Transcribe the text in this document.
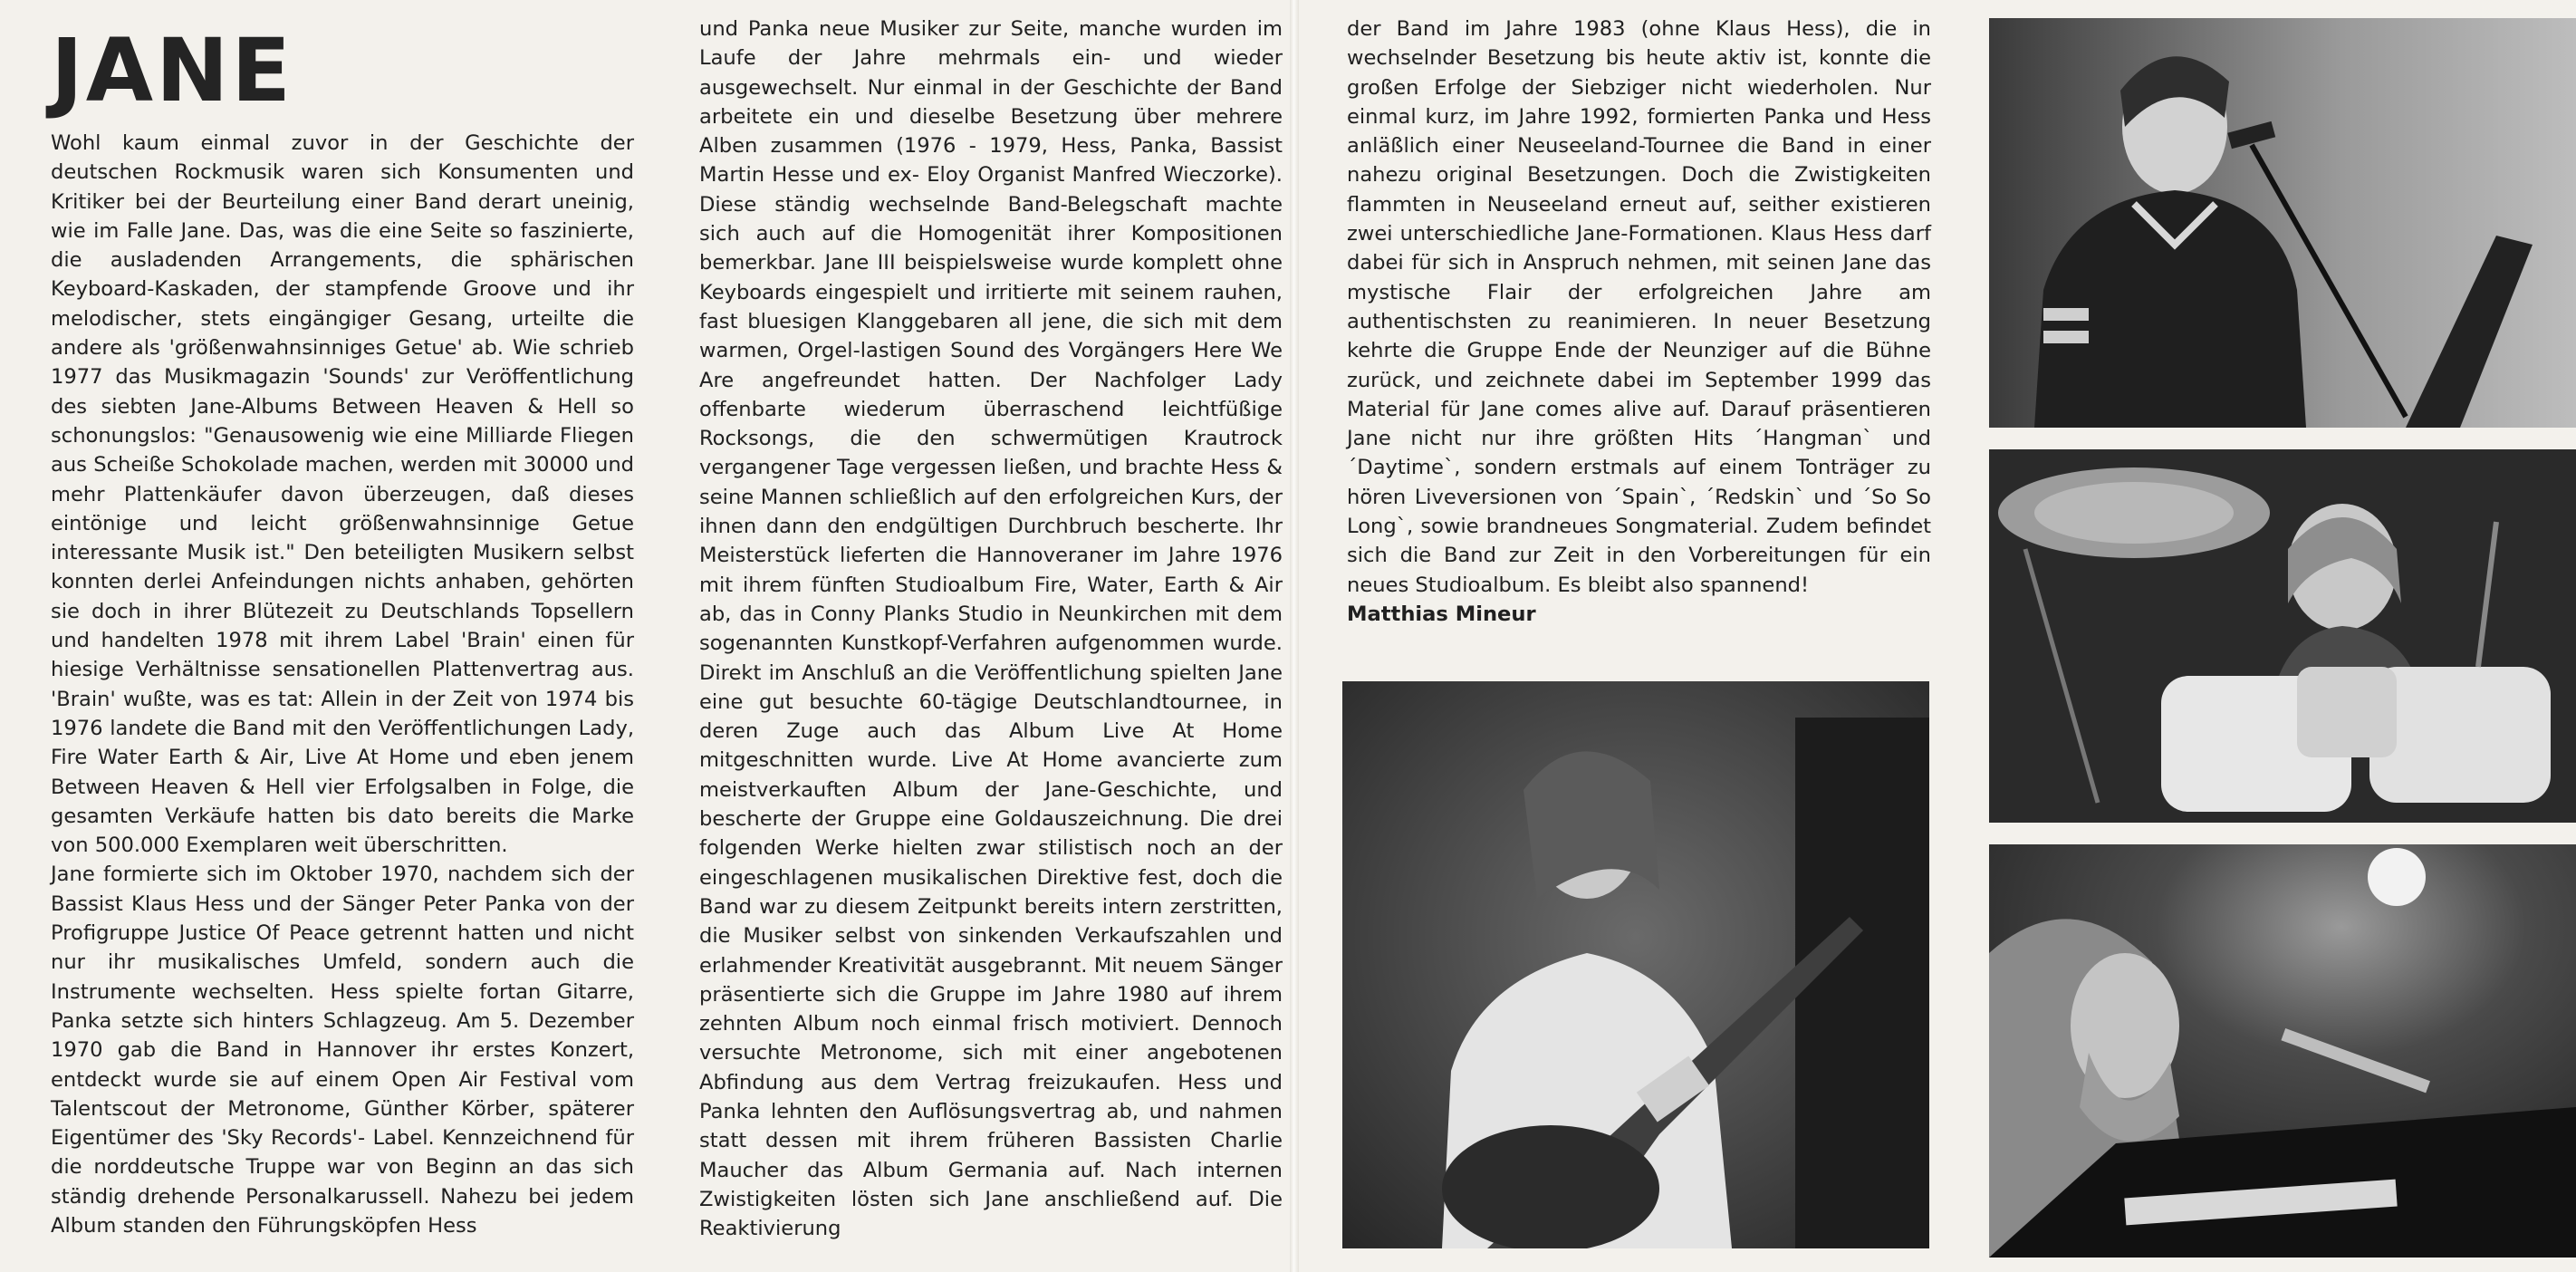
JANE

Wohl kaum einmal zuvor in der Geschichte der deutschen Rockmusik waren sich Konsumenten und Kritiker bei der Beurteilung einer Band derart uneinig, wie im Falle Jane. Das, was die eine Seite so faszinierte, die ausladenden Arrangements, die sphärischen Keyboard-Kaskaden, der stampfende Groove und ihr melodischer, stets eingängiger Gesang, urteilte die andere als 'größenwahnsinniges Getue' ab. Wie schrieb 1977 das Musikmagazin 'Sounds' zur Veröffentlichung des siebten Jane-Albums Between Heaven & Hell so schonungslos: "Genausowenig wie eine Milliarde Fliegen aus Scheiße Schokolade machen, werden mit 30000 und mehr Plattenkäufer davon überzeugen, daß dieses eintönige und leicht größenwahnsinnige Getue interessante Musik ist." Den beteiligten Musikern selbst konnten derlei Anfeindungen nichts anhaben, gehörten sie doch in ihrer Blütezeit zu Deutschlands Topsellern und handelten 1978 mit ihrem Label 'Brain' einen für hiesige Verhältnisse sensationellen Plattenvertrag aus. 'Brain' wußte, was es tat: Allein in der Zeit von 1974 bis 1976 landete die Band mit den Veröffentlichungen Lady, Fire Water Earth & Air, Live At Home und eben jenem Between Heaven & Hell vier Erfolgsalben in Folge, die gesamten Verkäufe hatten bis dato bereits die Marke von 500.000 Exemplaren weit überschritten.

Jane formierte sich im Oktober 1970, nachdem sich der Bassist Klaus Hess und der Sänger Peter Panka von der Profigruppe Justice Of Peace getrennt hatten und nicht nur ihr musikalisches Umfeld, sondern auch die Instrumente wechselten. Hess spielte fortan Gitarre, Panka setzte sich hinters Schlagzeug. Am 5. Dezember 1970 gab die Band in Hannover ihr erstes Konzert, entdeckt wurde sie auf einem Open Air Festival vom Talentscout der Metronome, Günther Körber, späterer Eigentümer des 'Sky Records'- Label. Kennzeichnend für die norddeutsche Truppe war von Beginn an das sich ständig drehende Personalkarussell. Nahezu bei jedem Album standen den Führungsköpfen Hess

und Panka neue Musiker zur Seite, manche wurden im Laufe der Jahre mehrmals ein- und wieder ausgewechselt. Nur einmal in der Geschichte der Band arbeitete ein und dieselbe Besetzung über mehrere Alben zusammen (1976 - 1979, Hess, Panka, Bassist Martin Hesse und ex- Eloy Organist Manfred Wieczorke). Diese ständig wechselnde Band-Belegschaft machte sich auch auf die Homogenität ihrer Kompositionen bemerkbar. Jane III beispielsweise wurde komplett ohne Keyboards eingespielt und irritierte mit seinem rauhen, fast bluesigen Klanggebaren all jene, die sich mit dem warmen, Orgel-lastigen Sound des Vorgängers Here We Are angefreundet hatten. Der Nachfolger Lady offenbarte wiederum überraschend leichtfüßige Rocksongs, die den schwermütigen Krautrock vergangener Tage vergessen ließen, und brachte Hess & seine Mannen schließlich auf den erfolgreichen Kurs, der ihnen dann den endgültigen Durchbruch bescherte. Ihr Meisterstück lieferten die Hannoveraner im Jahre 1976 mit ihrem fünften Studioalbum Fire, Water, Earth & Air ab, das in Conny Planks Studio in Neunkirchen mit dem sogenannten Kunstkopf-Verfahren aufgenommen wurde. Direkt im Anschluß an die Veröffentlichung spielten Jane eine gut besuchte 60-tägige Deutschlandtournee, in deren Zuge auch das Album Live At Home mitgeschnitten wurde. Live At Home avancierte zum meistverkauften Album der Jane-Geschichte, und bescherte der Gruppe eine Goldauszeichnung. Die drei folgenden Werke hielten zwar stilistisch noch an der eingeschlagenen musikalischen Direktive fest, doch die Band war zu diesem Zeitpunkt bereits intern zerstritten, die Musiker selbst von sinkenden Verkaufszahlen und erlahmender Kreativität ausgebrannt. Mit neuem Sänger präsentierte sich die Gruppe im Jahre 1980 auf ihrem zehnten Album noch einmal frisch motiviert. Dennoch versuchte Metronome, sich mit einer angebotenen Abfindung aus dem Vertrag freizukaufen. Hess und Panka lehnten den Auflösungsvertrag ab, und nahmen statt dessen mit ihrem früheren Bassisten Charlie Maucher das Album Germania auf. Nach internen Zwistigkeiten lösten sich Jane anschließend auf. Die Reaktivierung

der Band im Jahre 1983 (ohne Klaus Hess), die in wechselnder Besetzung bis heute aktiv ist, konnte die großen Erfolge der Siebziger nicht wiederholen. Nur einmal kurz, im Jahre 1992, formierten Panka und Hess anläßlich einer Neuseeland-Tournee die Band in einer nahezu original Besetzungen. Doch die Zwistigkeiten flammten in Neuseeland erneut auf, seither existieren zwei unterschiedliche Jane-Formationen. Klaus Hess darf dabei für sich in Anspruch nehmen, mit seinen Jane das mystische Flair der erfolgreichen Jahre am authentischsten zu reanimieren. In neuer Besetzung kehrte die Gruppe Ende der Neunziger auf die Bühne zurück, und zeichnete dabei im September 1999 das Material für Jane comes alive auf. Darauf präsentieren Jane nicht nur ihre größten Hits ´Hangman` und ´Daytime`, sondern erstmals auf einem Tonträger zu hören Liveversionen von ´Spain`, ´Redskin` und ´So So Long`, sowie brandneues Songmaterial. Zudem befindet sich die Band zur Zeit in den Vorbereitungen für ein neues Studioalbum. Es bleibt also spannend!

Matthias Mineur
